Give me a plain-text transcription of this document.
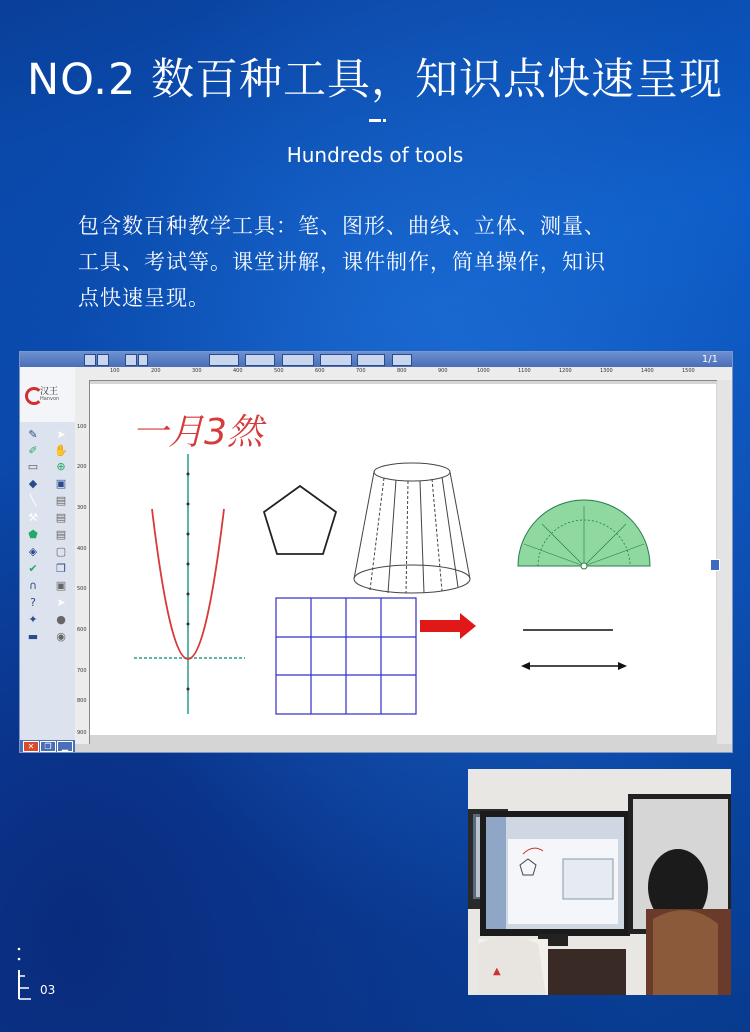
NO.2 数百种工具，知识点快速呈现
Hundreds of tools
包含数百种教学工具：笔、图形、曲线、立体、测量、
工具、考试等。课堂讲解，课件制作，简单操作，知识
点快速呈现。
1/1
汉王
Hanvon
✎ ➤
✐ ✋
▭ ⊕
◆ ▣
╲	▤
⚒ ▤
⬟ ▤
◈ ▢
✔ ❐
∩ ▣
?	➤
✦ ●
▬ ◉
✕	❐	▁
100	200	300	400	500	600	700	800	900	1000	1100	1200	1300	1400	1500
100
200
300
400
500
600
700
800
900
一月3然
▲
03
